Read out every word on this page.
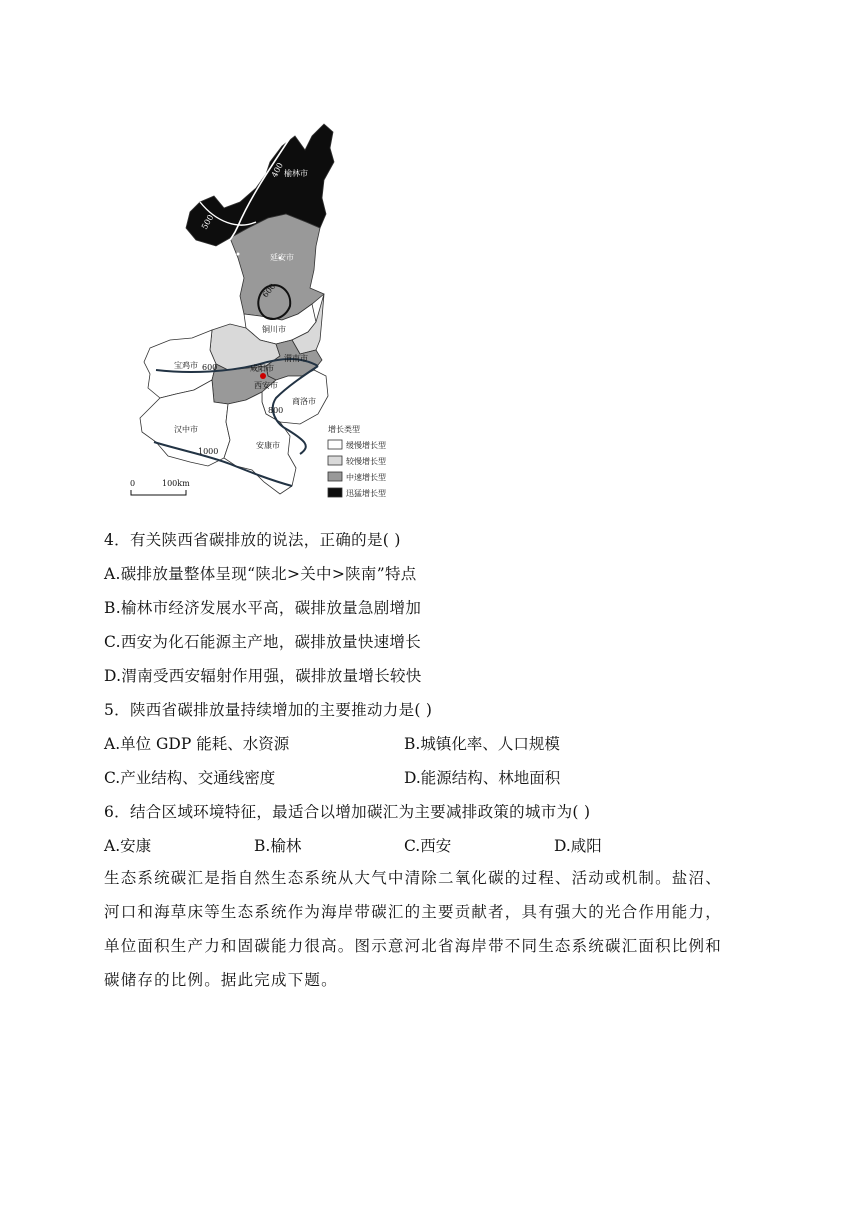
400
500
600
600
800
1000
榆林市
延安市
铜川市
宝鸡市	咸阳市
渭南市
西安市
商洛市
汉中市
安康市
增长类型
缓慢增长型
较慢增长型
中速增长型
迅猛增长型
0	100km
4．有关陕西省碳排放的说法，正确的是( )
A.碳排放量整体呈现“陕北>关中>陕南”特点
B.榆林市经济发展水平高，碳排放量急剧增加
C.西安为化石能源主产地，碳排放量快速增长
D.渭南受西安辐射作用强，碳排放量增长较快
5．陕西省碳排放量持续增加的主要推动力是( )
A.单位 GDP 能耗、水资源	B.城镇化率、人口规模
C.产业结构、交通线密度	D.能源结构、林地面积
6．结合区域环境特征，最适合以增加碳汇为主要减排政策的城市为( )
A.安康	B.榆林	C.西安	D.咸阳
生态系统碳汇是指自然生态系统从大气中清除二氧化碳的过程、活动或机制。盐沼、
河口和海草床等生态系统作为海岸带碳汇的主要贡献者，具有强大的光合作用能力，
单位面积生产力和固碳能力很高。图示意河北省海岸带不同生态系统碳汇面积比例和
碳储存的比例。据此完成下题。
